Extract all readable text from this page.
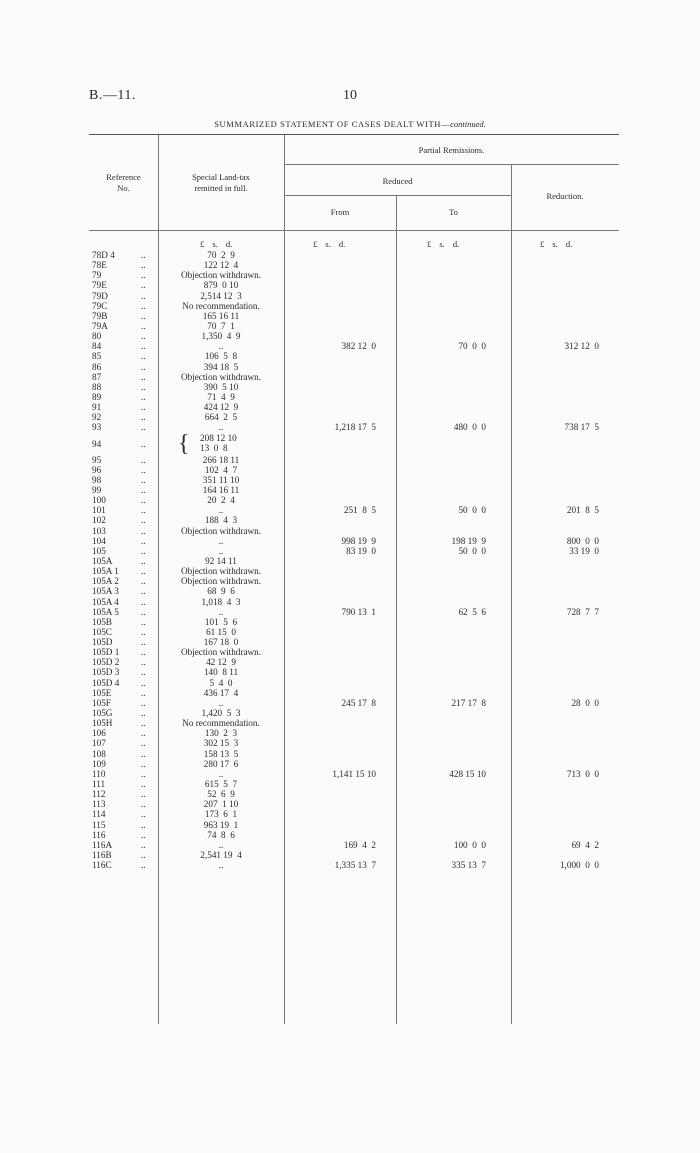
B.—11.	10
SUMMARIZED STATEMENT OF CASES DEALT WITH—continued.
Reference
No.
Special Land-tax
remitted in full.
Partial Remissions.
Reduced
From	To
Reduction.
£ s. d.	£ s. d.	£ s. d.	£ s. d.
78D 4	..	70  2  9
78E	..	122 12  4
79	..	Objection withdrawn.
79E	..	879  0 10
79D	..	2,514 12  3
79C	..	No recommendation.
79B	..	165 16 11
79A	..	70  7  1
80	..	1,350  4  9
84	..	..	382 12  0	70  0  0	312 12  0
85	..	106  5  8
86	..	394 18  5
87	..	Objection withdrawn.
88	..	390  5 10
89	..	71  4  9
91	..	424 12  9
92	..	664  2  5
93	..	..	1,218 17  5	480  0  0	738 17  5
94	.. { 208 12 10
13  0  8
95	..	266 18 11
96	..	102  4  7
98	..	351 11 10
99	..	164 16 11
100	..	20  2  4
101	..	..	251  8  5	50  0  0	201  8  5
102	..	188  4  3
103	..	Objection withdrawn.
104	..	..	998 19  9	198 19  9	800  0  0
105	..	..	83 19  0	50  0  0	33 19  0
105A	..	92 14 11
105A 1 ..	Objection withdrawn.
105A 2 ..	Objection withdrawn.
105A 3 ..	68  9  6
105A 4 ..	1,018  4  3
105A 5 ..	..	790 13  1	62  5  6	728  7  7
105B	..	101  5  6
105C	..	61 15  0
105D	..	167 18  0
105D 1 ..	Objection withdrawn.
105D 2 ..	42 12  9
105D 3 ..	140  8 11
105D 4 ..	5  4  0
105E	..	436 17  4
105F	..	..	245 17  8	217 17  8	28  0  0
105G	..	1,420  5  3
105H	..	No recommendation.
106	..	130  2  3
107	..	302 15  3
108	..	158 13  5
109	..	280 17  6
110	..	..	1,141 15 10	428 15 10	713  0  0
111	..	615  5  7
112	..	52  6  9
113	..	207  1 10
114	..	173  6  1
115	..	963 19  1
116	..	74  8  6
116A	..	..	169  4  2	100  0  0	69  4  2
116B	..	2,541 19  4
116C	..	..	1,335 13  7	335 13  7	1,000  0  0
